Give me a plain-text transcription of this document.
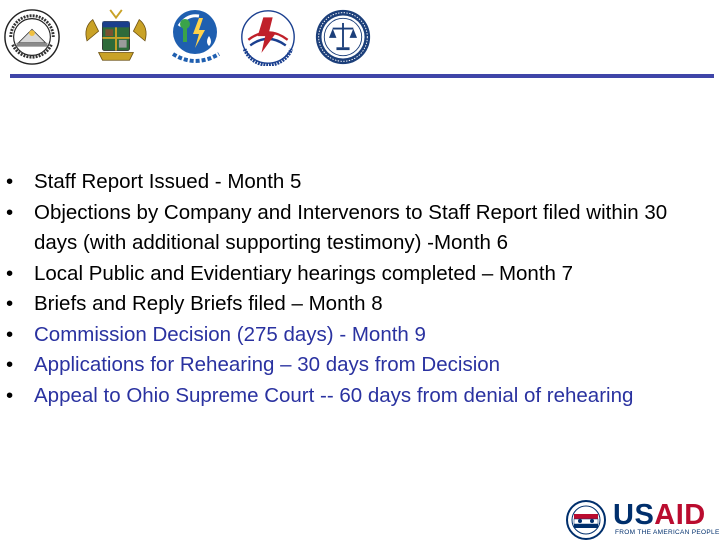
• Staff Report Issued - Month 5
• Objections by Company and Intervenors to Staff Report filed within 30 days (with additional supporting testimony) -Month 6
• Local Public and Evidentiary hearings completed – Month 7
• Briefs and Reply Briefs filed – Month 8
• Commission Decision (275 days) - Month 9
• Applications for Rehearing – 30 days from Decision
• Appeal to Ohio Supreme Court -- 60 days from denial of rehearing
USAID
FROM THE AMERICAN PEOPLE
